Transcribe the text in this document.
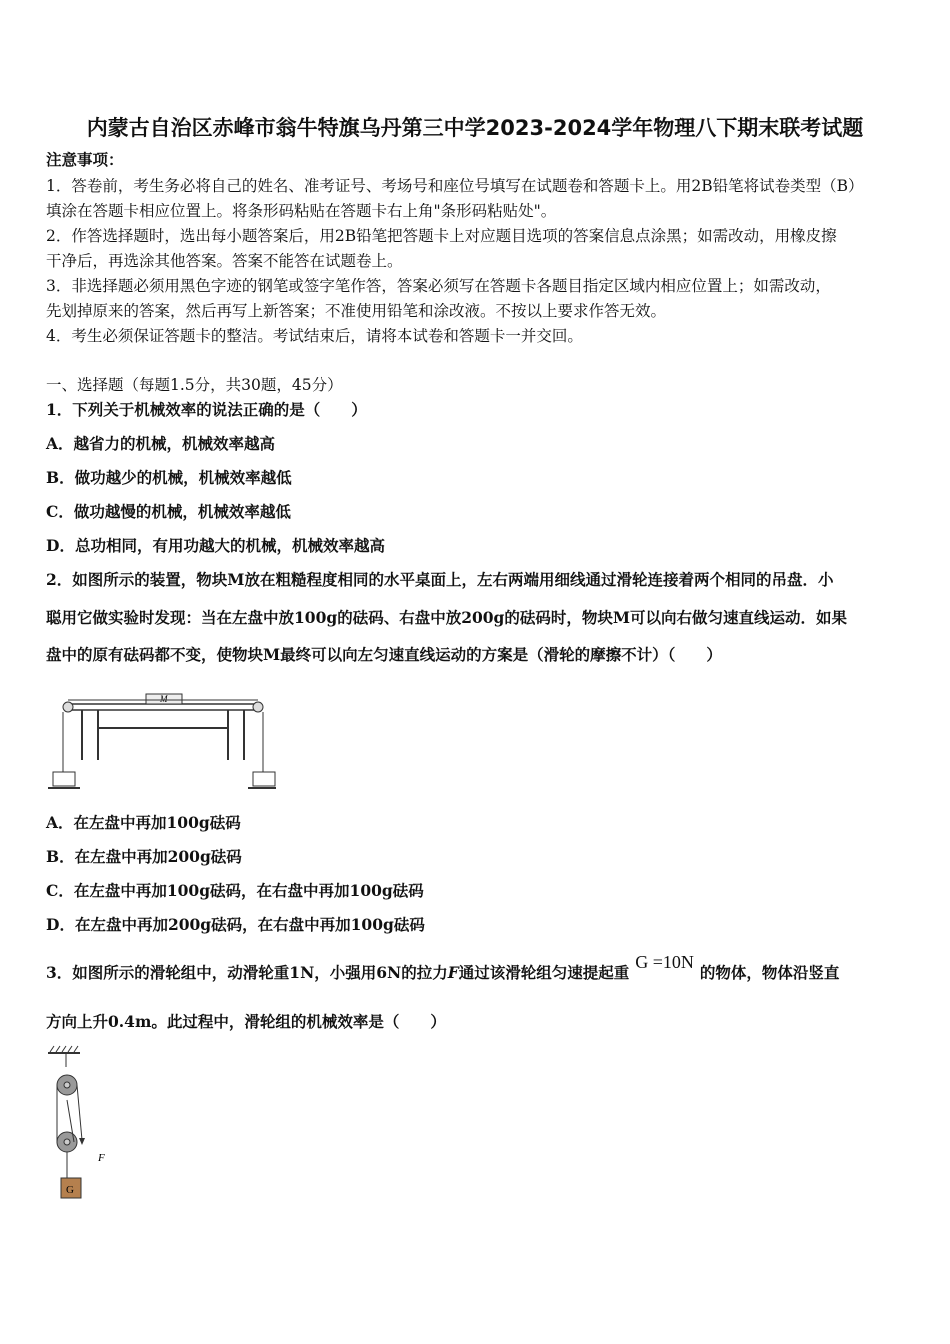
内蒙古自治区赤峰市翁牛特旗乌丹第三中学2023-2024学年物理八下期末联考试题
注意事项：
1．答卷前，考生务必将自己的姓名、准考证号、考场号和座位号填写在试题卷和答题卡上。用2B铅笔将试卷类型（B）
填涂在答题卡相应位置上。将条形码粘贴在答题卡右上角"条形码粘贴处"。
2．作答选择题时，选出每小题答案后，用2B铅笔把答题卡上对应题目选项的答案信息点涂黑；如需改动，用橡皮擦
干净后，再选涂其他答案。答案不能答在试题卷上。
3．非选择题必须用黑色字迹的钢笔或签字笔作答，答案必须写在答题卡各题目指定区域内相应位置上；如需改动，
先划掉原来的答案，然后再写上新答案；不准使用铅笔和涂改液。不按以上要求作答无效。
4．考生必须保证答题卡的整洁。考试结束后，请将本试卷和答题卡一并交回。
一、选择题（每题1.5分，共30题，45分）
1．下列关于机械效率的说法正确的是（　　）
A．越省力的机械，机械效率越高
B．做功越少的机械，机械效率越低
C．做功越慢的机械，机械效率越低
D．总功相同，有用功越大的机械，机械效率越高
2．如图所示的装置，物块M放在粗糙程度相同的水平桌面上，左右两端用细线通过滑轮连接着两个相同的吊盘．小
聪用它做实验时发现：当在左盘中放100g的砝码、右盘中放200g的砝码时，物块M可以向右做匀速直线运动．如果
盘中的原有砝码都不变，使物块M最终可以向左匀速直线运动的方案是（滑轮的摩擦不计）（　　）
M
A．在左盘中再加100g砝码
B．在左盘中再加200g砝码
C．在左盘中再加100g砝码，在右盘中再加100g砝码
D．在左盘中再加200g砝码，在右盘中再加100g砝码
3．如图所示的滑轮组中，动滑轮重1N，小强用6N的拉力F通过该滑轮组匀速提起重G =10N的物体，物体沿竖直
方向上升0.4m。此过程中，滑轮组的机械效率是（　　）
F
G
